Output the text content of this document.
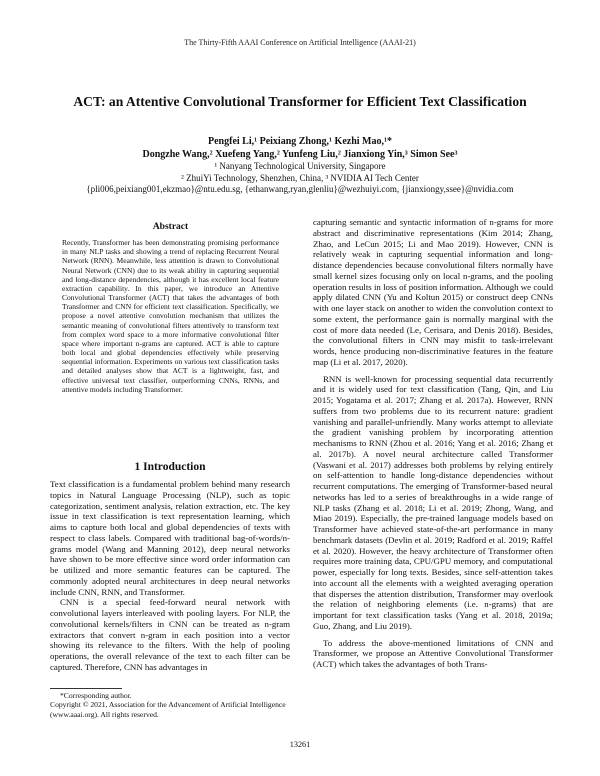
The Thirty-Fifth AAAI Conference on Artificial Intelligence (AAAI-21)
ACT: an Attentive Convolutional Transformer for Efficient Text Classification
Pengfei Li,¹ Peixiang Zhong,¹ Kezhi Mao,¹*
Dongzhe Wang,² Xuefeng Yang,² Yunfeng Liu,² Jianxiong Yin,³ Simon See³
¹ Nanyang Technological University, Singapore
² ZhuiYi Technology, Shenzhen, China, ³ NVIDIA AI Tech Center
{pli006,peixiang001,ekzmao}@ntu.edu.sg, {ethanwang,ryan,glenliu}@wezhuiyi.com, {jianxiongy,ssee}@nvidia.com
Abstract

Recently, Transformer has been demonstrating promising performance in many NLP tasks and showing a trend of replacing Recurrent Neural Network (RNN). Meanwhile, less attention is drawn to Convolutional Neural Network (CNN) due to its weak ability in capturing sequential and long-distance dependencies, although it has excellent local feature extraction capability. In this paper, we introduce an Attentive Convolutional Transformer (ACT) that takes the advantages of both Transformer and CNN for efficient text classification. Specifically, we propose a novel attentive convolution mechanism that utilizes the semantic meaning of convolutional filters attentively to transform text from complex word space to a more informative convolutional filter space where important n-grams are captured. ACT is able to capture both local and global dependencies effectively while preserving sequential information. Experiments on various text classification tasks and detailed analyses show that ACT is a lightweight, fast, and effective universal text classifier, outperforming CNNs, RNNs, and attentive models including Transformer.

1 Introduction

Text classification is a fundamental problem behind many research topics in Natural Language Processing (NLP), such as topic categorization, sentiment analysis, relation extraction, etc. The key issue in text classification is text representation learning, which aims to capture both local and global dependencies of texts with respect to class labels. Compared with traditional bag-of-words/n-grams model (Wang and Manning 2012), deep neural networks have shown to be more effective since word order information can be utilized and more semantic features can be captured. The commonly adopted neural architectures in deep neural networks include CNN, RNN, and Transformer.

CNN is a special feed-forward neural network with convolutional layers interleaved with pooling layers. For NLP, the convolutional kernels/filters in CNN can be treated as n-gram extractors that convert n-gram in each position into a vector showing its relevance to the filters. With the help of pooling operations, the overall relevance of the text to each filter can be captured. Therefore, CNN has advantages in

*Corresponding author.

Copyright © 2021, Association for the Advancement of Artificial Intelligence (www.aaai.org). All rights reserved.

capturing semantic and syntactic information of n-grams for more abstract and discriminative representations (Kim 2014; Zhang, Zhao, and LeCun 2015; Li and Mao 2019). However, CNN is relatively weak in capturing sequential information and long-distance dependencies because convolutional filters normally have small kernel sizes focusing only on local n-grams, and the pooling operation results in loss of position information. Although we could apply dilated CNN (Yu and Koltun 2015) or construct deep CNNs with one layer stack on another to widen the convolution context to some extent, the performance gain is normally marginal with the cost of more data needed (Le, Cerisara, and Denis 2018). Besides, the convolutional filters in CNN may misfit to task-irrelevant words, hence producing non-discriminative features in the feature map (Li et al. 2017, 2020).

RNN is well-known for processing sequential data recurrently and it is widely used for text classification (Tang, Qin, and Liu 2015; Yogatama et al. 2017; Zhang et al. 2017a). However, RNN suffers from two problems due to its recurrent nature: gradient vanishing and parallel-unfriendly. Many works attempt to alleviate the gradient vanishing problem by incorporating attention mechanisms to RNN (Zhou et al. 2016; Yang et al. 2016; Zhang et al. 2017b). A novel neural architecture called Transformer (Vaswani et al. 2017) addresses both problems by relying entirely on self-attention to handle long-distance dependencies without recurrent computations. The emerging of Transformer-based neural networks has led to a series of breakthroughs in a wide range of NLP tasks (Zhang et al. 2018; Li et al. 2019; Zhong, Wang, and Miao 2019). Especially, the pre-trained language models based on Transformer have achieved state-of-the-art performance in many benchmark datasets (Devlin et al. 2019; Radford et al. 2019; Raffel et al. 2020). However, the heavy architecture of Transformer often requires more training data, CPU/GPU memory, and computational power, especially for long texts. Besides, since self-attention takes into account all the elements with a weighted averaging operation that disperses the attention distribution, Transformer may overlook the relation of neighboring elements (i.e. n-grams) that are important for text classification tasks (Yang et al. 2018, 2019a; Guo, Zhang, and Liu 2019).

To address the above-mentioned limitations of CNN and Transformer, we propose an Attentive Convolutional Transformer (ACT) which takes the advantages of both Trans-

13261
